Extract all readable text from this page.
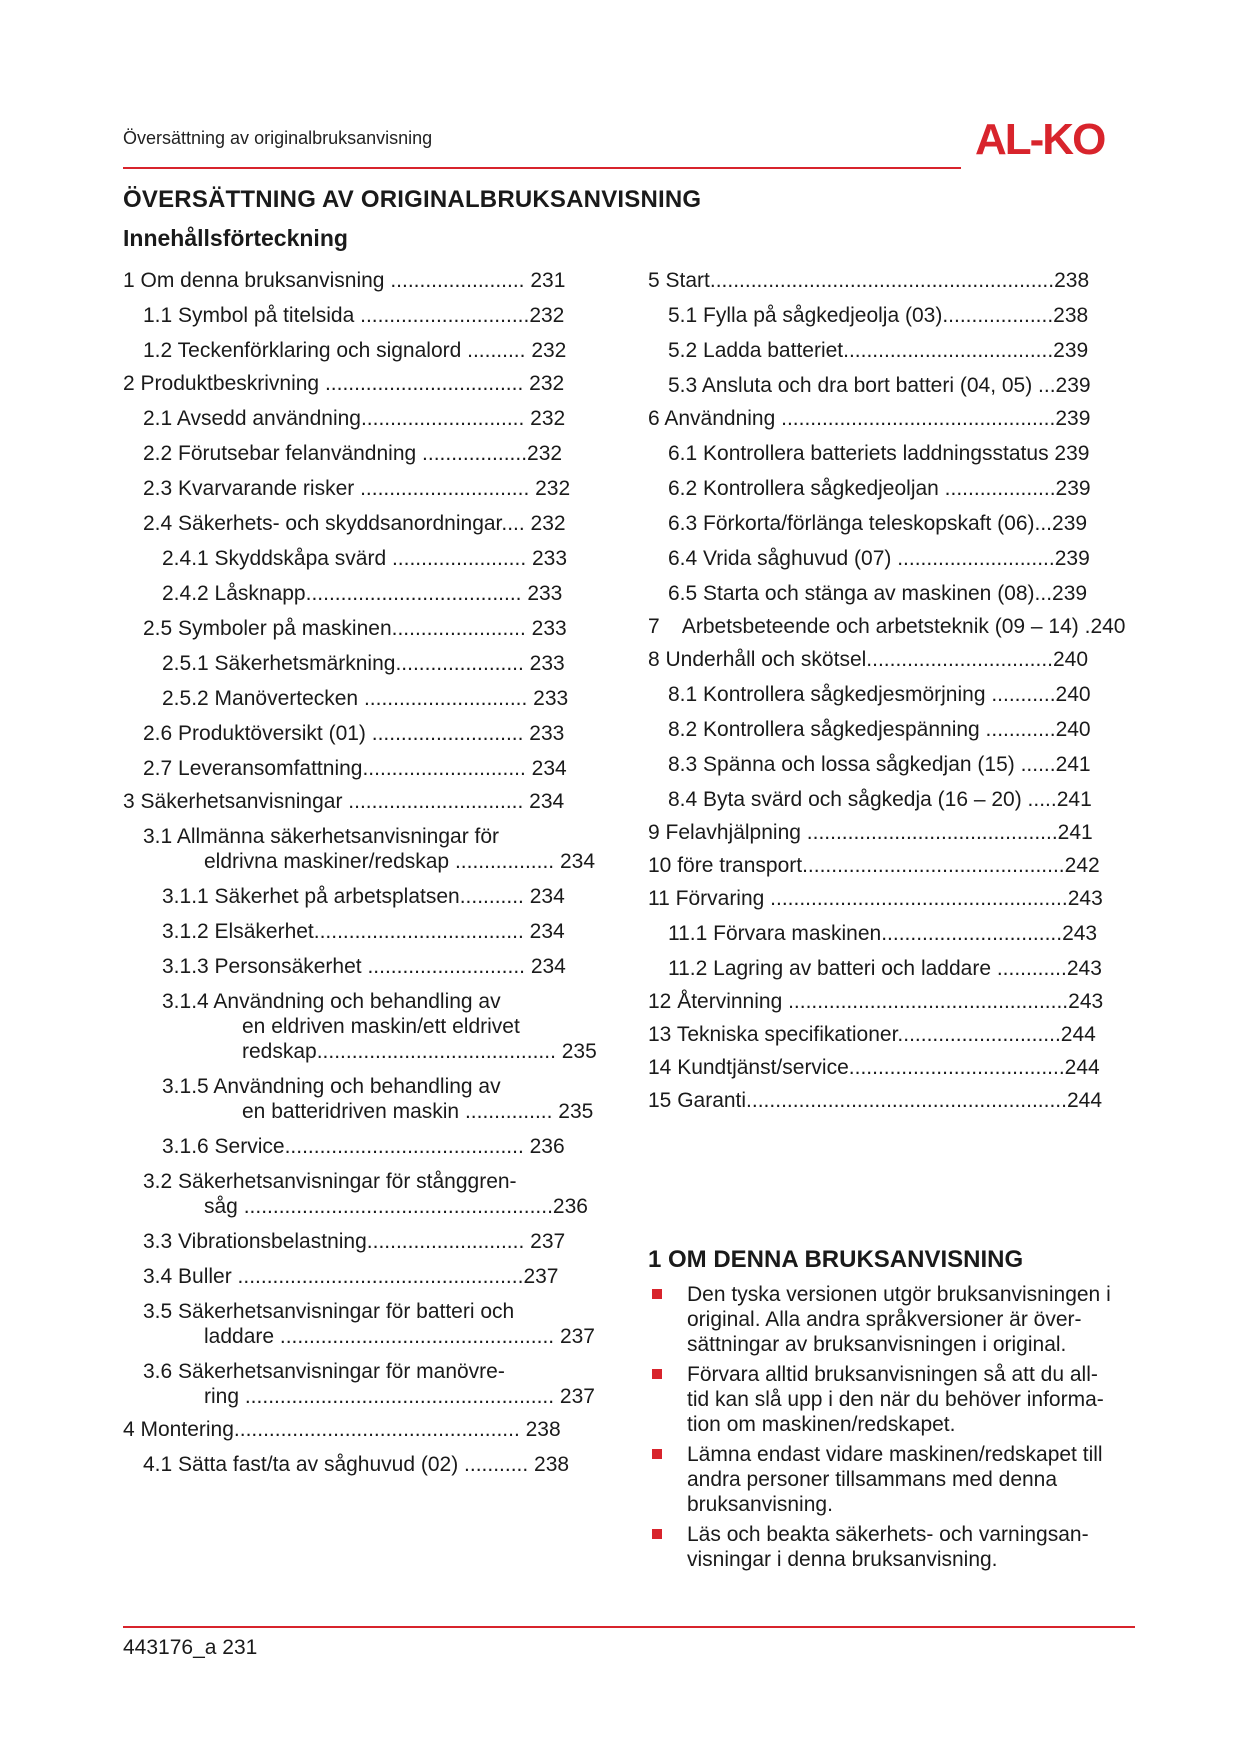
Översättning av originalbruksanvisning	AL-KO
ÖVERSÄTTNING AV ORIGINALBRUKSANVISNING
Innehållsförteckning
1 Om denna bruksanvisning ....................... 231
1.1 Symbol på titelsida .............................232
1.2 Teckenförklaring och signalord .......... 232
2 Produktbeskrivning .................................. 232
2.1 Avsedd användning............................ 232
2.2 Förutsebar felanvändning ..................232
2.3 Kvarvarande risker ............................. 232
2.4 Säkerhets- och skyddsanordningar.... 232
2.4.1 Skyddskåpa svärd ....................... 233
2.4.2 Låsknapp..................................... 233
2.5 Symboler på maskinen....................... 233
2.5.1 Säkerhetsmärkning...................... 233
2.5.2 Manövertecken ............................ 233
2.6 Produktöversikt (01) .......................... 233
2.7 Leveransomfattning............................ 234
3 Säkerhetsanvisningar .............................. 234
3.1 Allmänna säkerhetsanvisningar för
eldrivna maskiner/redskap ................. 234
3.1.1 Säkerhet på arbetsplatsen........... 234
3.1.2 Elsäkerhet.................................... 234
3.1.3 Personsäkerhet ........................... 234
3.1.4 Användning och behandling av
en eldriven maskin/ett eldrivet
redskap......................................... 235
3.1.5 Användning och behandling av
en batteridriven maskin ............... 235
3.1.6 Service......................................... 236
3.2 Säkerhetsanvisningar för stånggren-
såg .....................................................236
3.3 Vibrationsbelastning........................... 237
3.4 Buller .................................................237
3.5 Säkerhetsanvisningar för batteri och
laddare ............................................... 237
3.6 Säkerhetsanvisningar för manövre-
ring ..................................................... 237
4 Montering................................................. 238
4.1 Sätta fast/ta av såghuvud (02) ........... 238
5 Start...........................................................238
5.1 Fylla på sågkedjeolja (03)...................238
5.2 Ladda batteriet....................................239
5.3 Ansluta och dra bort batteri (04, 05) ...239
6 Användning ...............................................239
6.1 Kontrollera batteriets laddningsstatus 239
6.2 Kontrollera sågkedjeoljan ...................239
6.3 Förkorta/förlänga teleskopskaft (06)...239
6.4 Vrida såghuvud (07) ...........................239
6.5 Starta och stänga av maskinen (08)...239
7    Arbetsbeteende och arbetsteknik (09 – 14) .240
8 Underhåll och skötsel................................240
8.1 Kontrollera sågkedjesmörjning ...........240
8.2 Kontrollera sågkedjespänning ............240
8.3 Spänna och lossa sågkedjan (15) ......241
8.4 Byta svärd och sågkedja (16 – 20) .....241
9 Felavhjälpning ...........................................241
10 före transport.............................................242
11 Förvaring ...................................................243
11.1 Förvara maskinen...............................243
11.2 Lagring av batteri och laddare ............243
12 Återvinning ................................................243
13 Tekniska specifikationer............................244
14 Kundtjänst/service.....................................244
15 Garanti.......................................................244
1 OM DENNA BRUKSANVISNING
Den tyska versionen utgör bruksanvisningen i
original. Alla andra språkversioner är över-
sättningar av bruksanvisningen i original.
Förvara alltid bruksanvisningen så att du all-
tid kan slå upp i den när du behöver informa-
tion om maskinen/redskapet.
Lämna endast vidare maskinen/redskapet till
andra personer tillsammans med denna
bruksanvisning.
Läs och beakta säkerhets- och varningsan-
visningar i denna bruksanvisning.
443176_a 231
